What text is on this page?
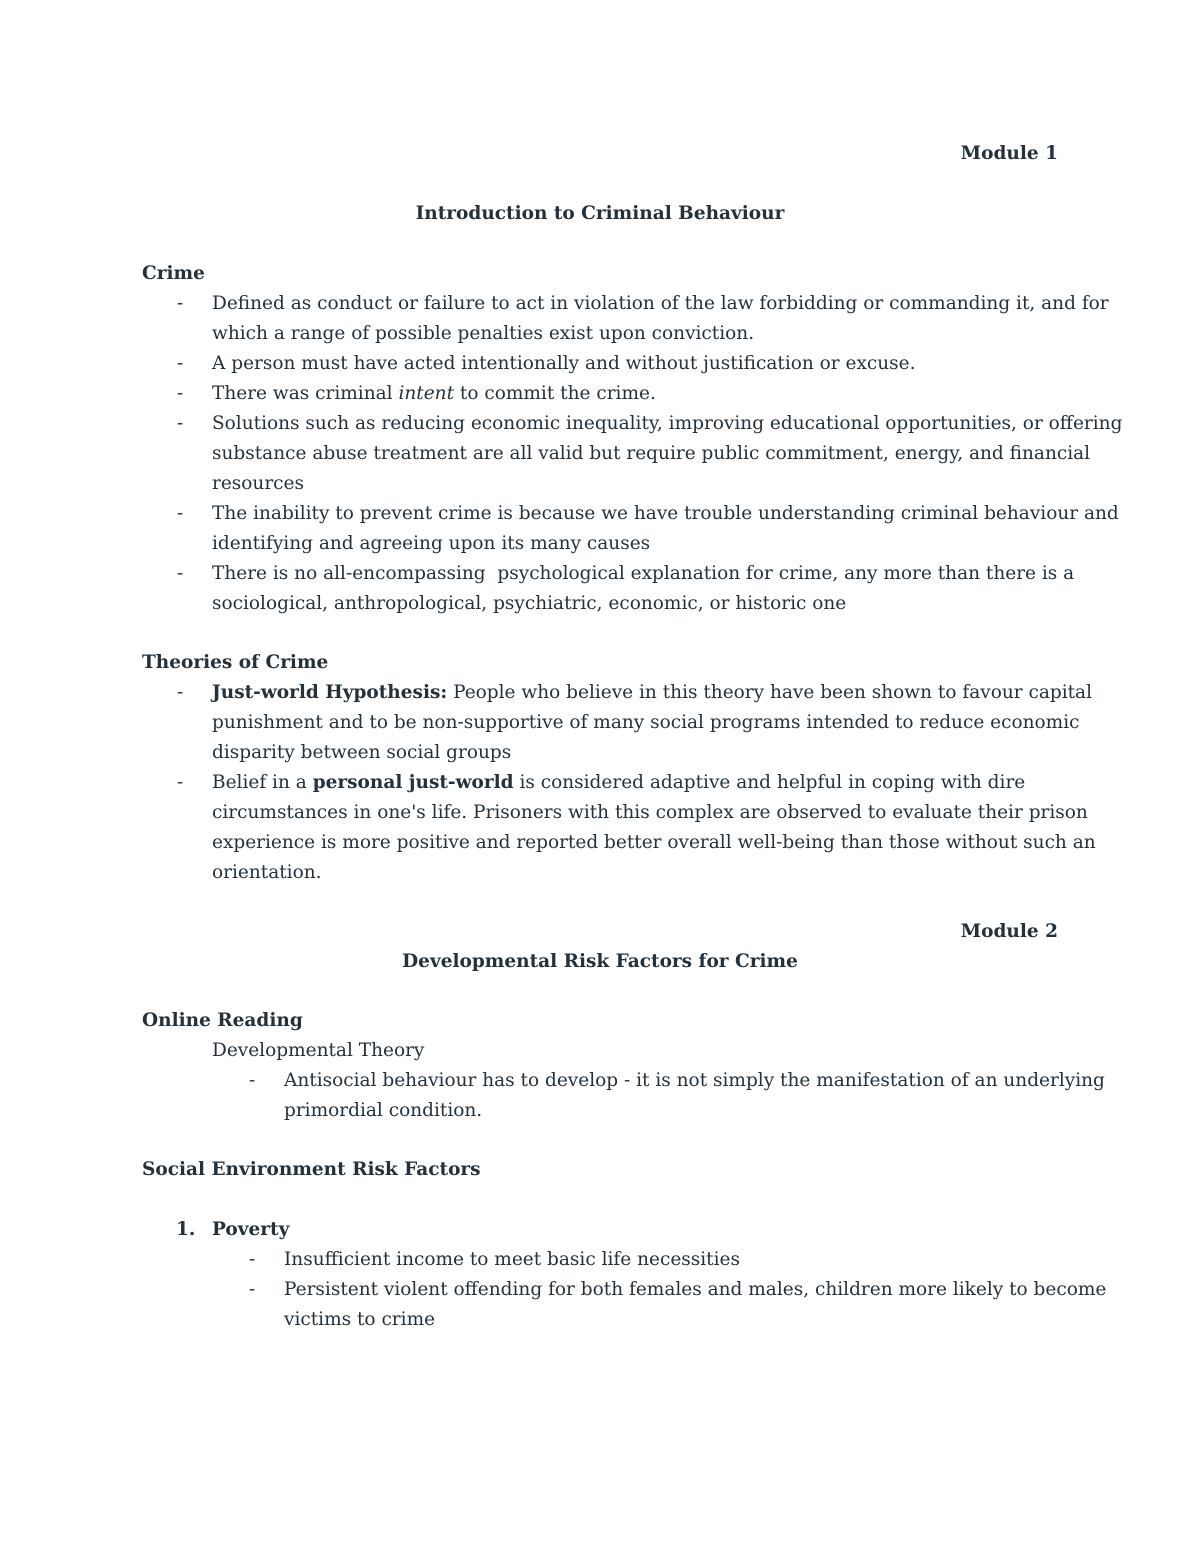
Module 1
Introduction to Criminal Behaviour
Crime
- Defined as conduct or failure to act in violation of the law forbidding or commanding it, and for
which a range of possible penalties exist upon conviction.
- A person must have acted intentionally and without justification or excuse.
- There was criminal intent to commit the crime.
- Solutions such as reducing economic inequality, improving educational opportunities, or offering
substance abuse treatment are all valid but require public commitment, energy, and financial
resources
- The inability to prevent crime is because we have trouble understanding criminal behaviour and
identifying and agreeing upon its many causes
- There is no all-encompassing  psychological explanation for crime, any more than there is a
sociological, anthropological, psychiatric, economic, or historic one
Theories of Crime
- Just-world Hypothesis: People who believe in this theory have been shown to favour capital
punishment and to be non-supportive of many social programs intended to reduce economic
disparity between social groups
- Belief in a personal just-world is considered adaptive and helpful in coping with dire
circumstances in one's life. Prisoners with this complex are observed to evaluate their prison
experience is more positive and reported better overall well-being than those without such an
orientation.
Module 2
Developmental Risk Factors for Crime
Online Reading
Developmental Theory
- Antisocial behaviour has to develop - it is not simply the manifestation of an underlying
primordial condition.
Social Environment Risk Factors
1. Poverty
- Insufficient income to meet basic life necessities
- Persistent violent offending for both females and males, children more likely to become
victims to crime
